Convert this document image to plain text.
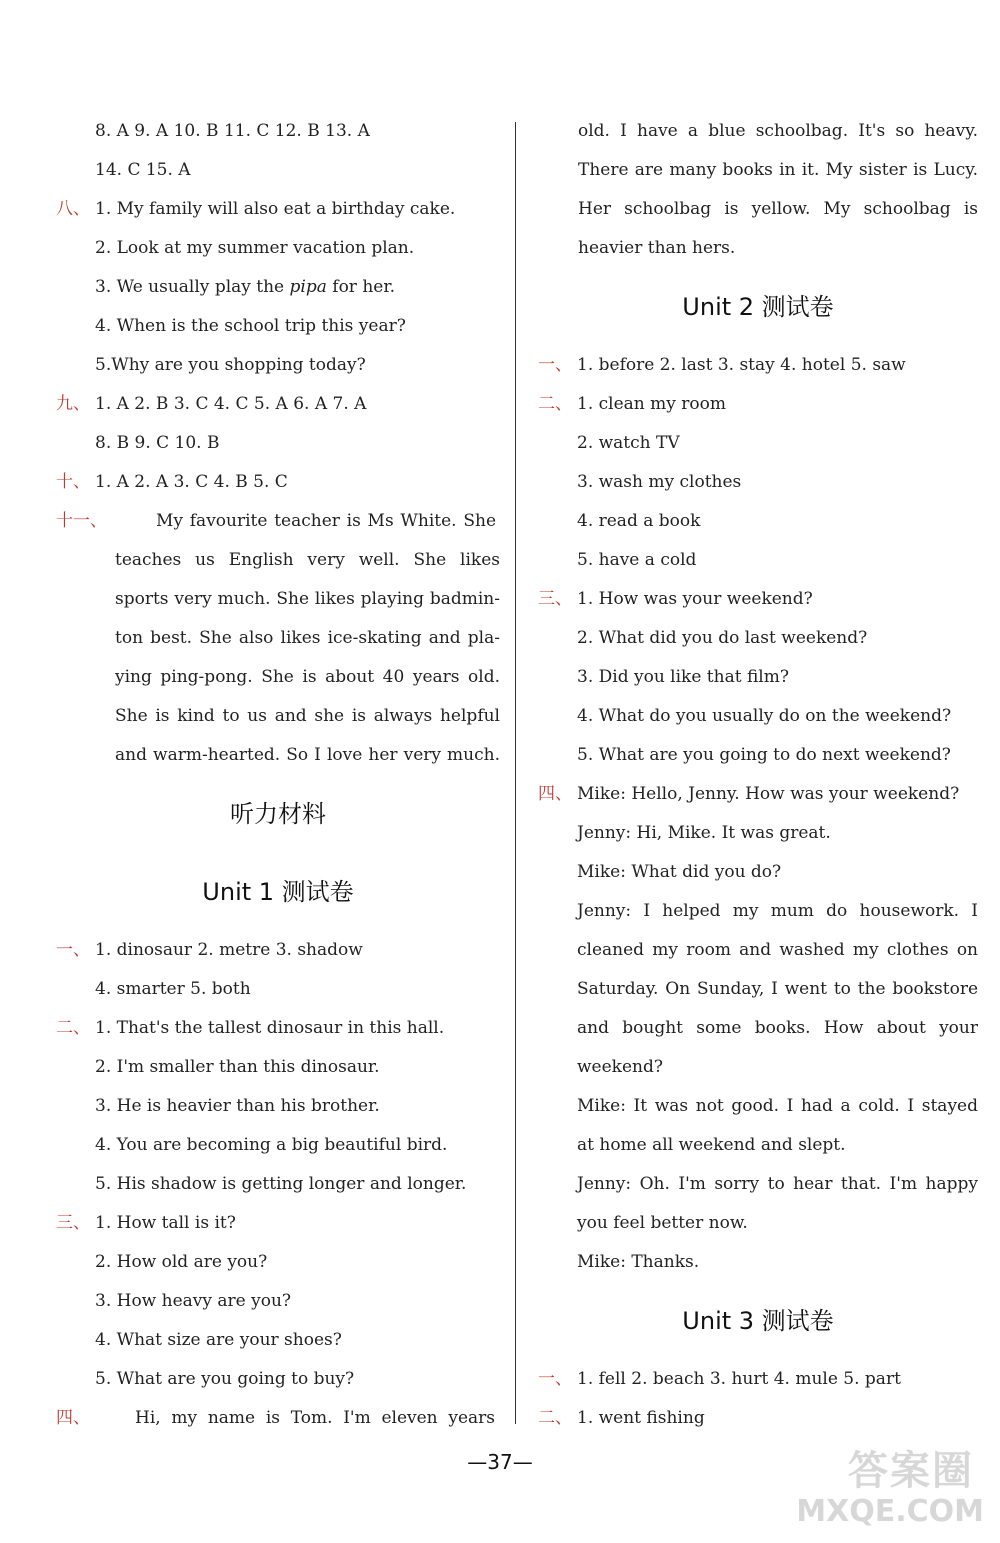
8. A 9. A 10. B 11. C 12. B 13. A
14. C 15. A
八、 1. My family will also eat a birthday cake.
2. Look at my summer vacation plan.
3. We usually play the pipa for her.
4. When is the school trip this year?
5.Why are you shopping today?
九、 1. A 2. B 3. C 4. C 5. A 6. A 7. A
8. B 9. C 10. B
十、 1. A 2. A 3. C 4. B 5. C
十一、	My favourite teacher is Ms White. She
teaches us English very well. She likes
sports very much. She likes playing badmin-
ton best. She also likes ice-skating and pla-
ying ping-pong. She is about 40 years old.
She is kind to us and she is always helpful
and warm-hearted. So I love her very much.
听力材料
Unit 1 测试卷
一、 1. dinosaur 2. metre 3. shadow
4. smarter 5. both
二、 1. That's the tallest dinosaur in this hall.
2. I'm smaller than this dinosaur.
3. He is heavier than his brother.
4. You are becoming a big beautiful bird.
5. His shadow is getting longer and longer.
三、 1. How tall is it?
2. How old are you?
3. How heavy are you?
4. What size are your shoes?
5. What are you going to buy?
四、	Hi, my name is Tom. I'm eleven years
old. I have a blue schoolbag. It's so heavy.
There are many books in it. My sister is Lucy.
Her schoolbag is yellow. My schoolbag is
heavier than hers.
Unit 2 测试卷
一、 1. before 2. last 3. stay 4. hotel 5. saw
二、 1. clean my room
2. watch TV
3. wash my clothes
4. read a book
5. have a cold
三、 1. How was your weekend?
2. What did you do last weekend?
3. Did you like that film?
4. What do you usually do on the weekend?
5. What are you going to do next weekend?
四、 Mike: Hello, Jenny. How was your weekend?
Jenny: Hi, Mike. It was great.
Mike: What did you do?
Jenny: I helped my mum do housework. I
cleaned my room and washed my clothes on
Saturday. On Sunday, I went to the bookstore
and bought some books. How about your
weekend?
Mike: It was not good. I had a cold. I stayed
at home all weekend and slept.
Jenny: Oh. I'm sorry to hear that. I'm happy
you feel better now.
Mike: Thanks.
Unit 3 测试卷
一、 1. fell 2. beach 3. hurt 4. mule 5. part
二、 1. went fishing
—37—	答案圈
MXQE.COM
